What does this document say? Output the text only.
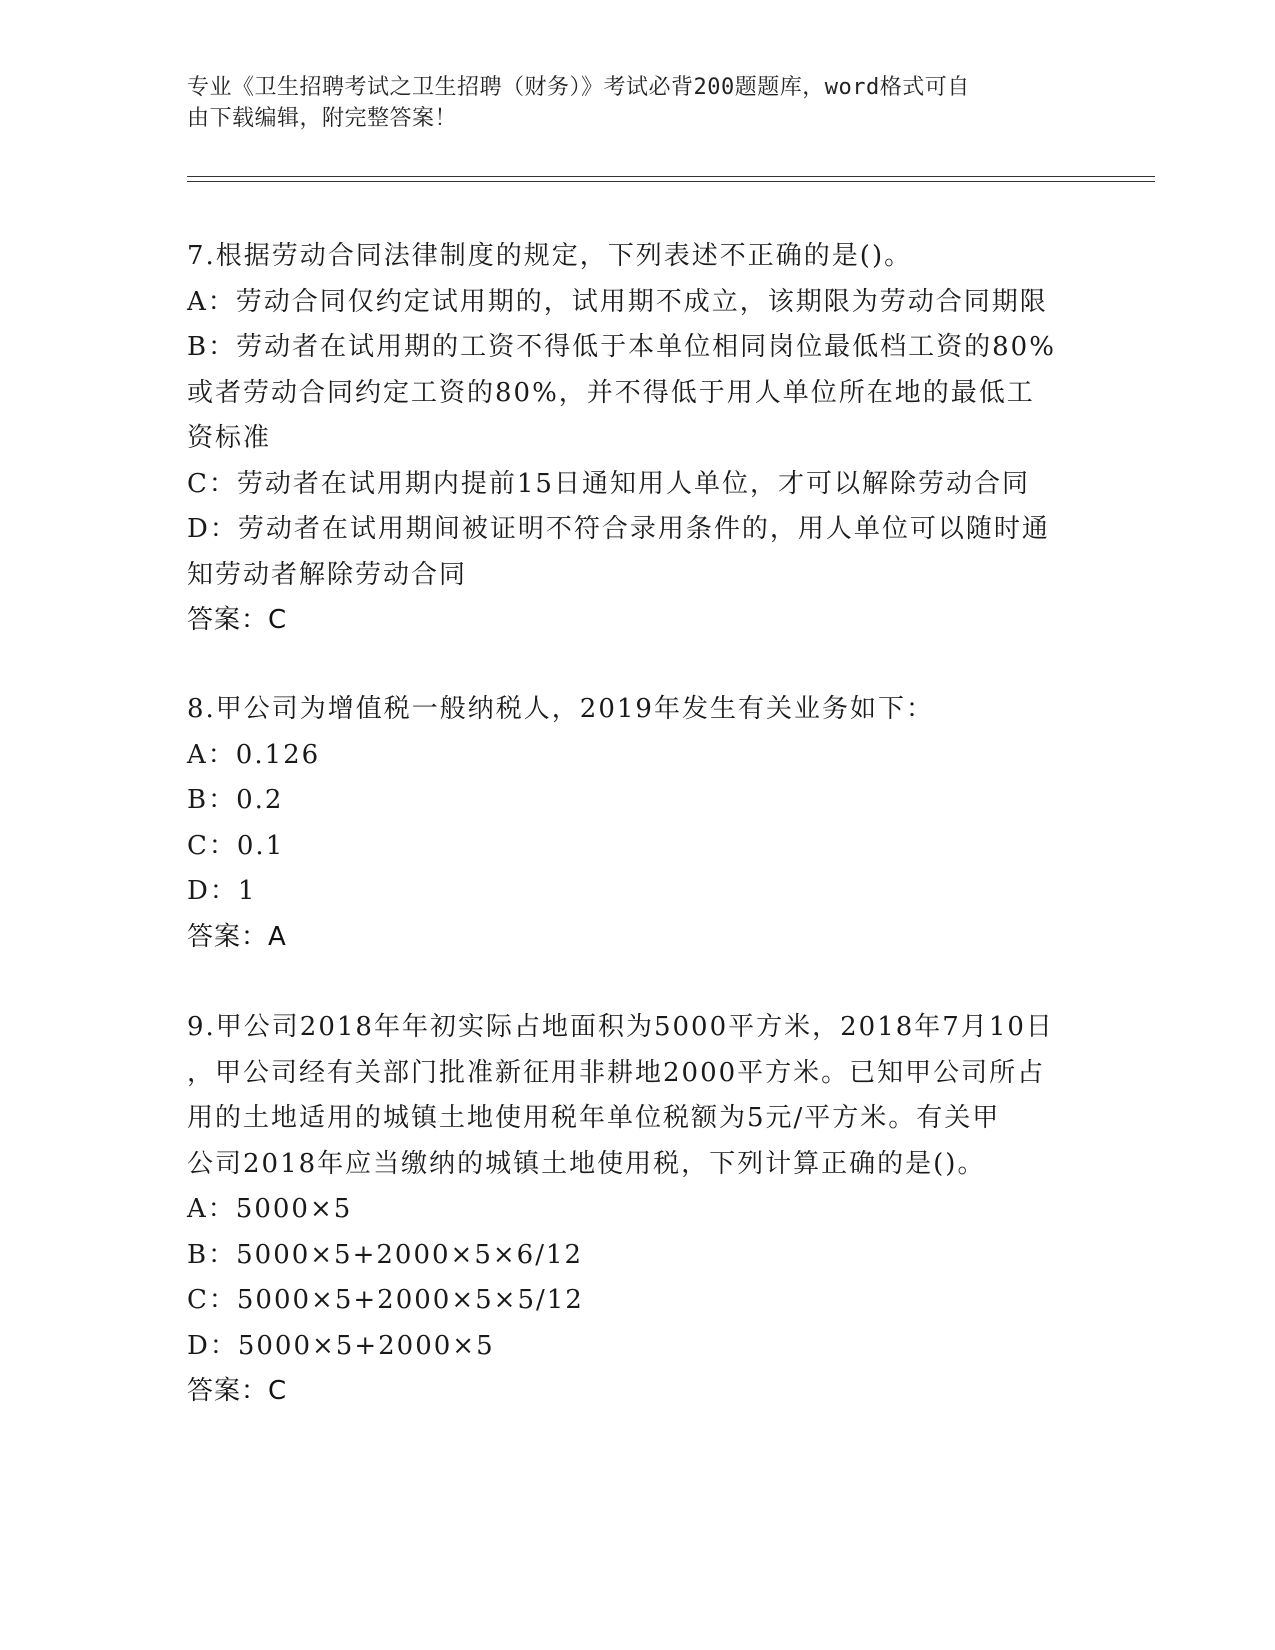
专业《卫生招聘考试之卫生招聘（财务）》考试必背200题题库，word格式可自
由下载编辑，附完整答案！
7.根据劳动合同法律制度的规定，下列表述不正确的是()。
A：劳动合同仅约定试用期的，试用期不成立，该期限为劳动合同期限
B：劳动者在试用期的工资不得低于本单位相同岗位最低档工资的80%
或者劳动合同约定工资的80%，并不得低于用人单位所在地的最低工
资标准
C：劳动者在试用期内提前15日通知用人单位，才可以解除劳动合同
D：劳动者在试用期间被证明不符合录用条件的，用人单位可以随时通
知劳动者解除劳动合同
答案：C
8.甲公司为增值税一般纳税人，2019年发生有关业务如下：
A：0.126
B：0.2
C：0.1
D：1
答案：A
9.甲公司2018年年初实际占地面积为5000平方米，2018年7月10日
，甲公司经有关部门批准新征用非耕地2000平方米。已知甲公司所占
用的土地适用的城镇土地使用税年单位税额为5元/平方米。有关甲
公司2018年应当缴纳的城镇土地使用税，下列计算正确的是()。
A：5000×5
B：5000×5+2000×5×6/12
C：5000×5+2000×5×5/12
D：5000×5+2000×5
答案：C
